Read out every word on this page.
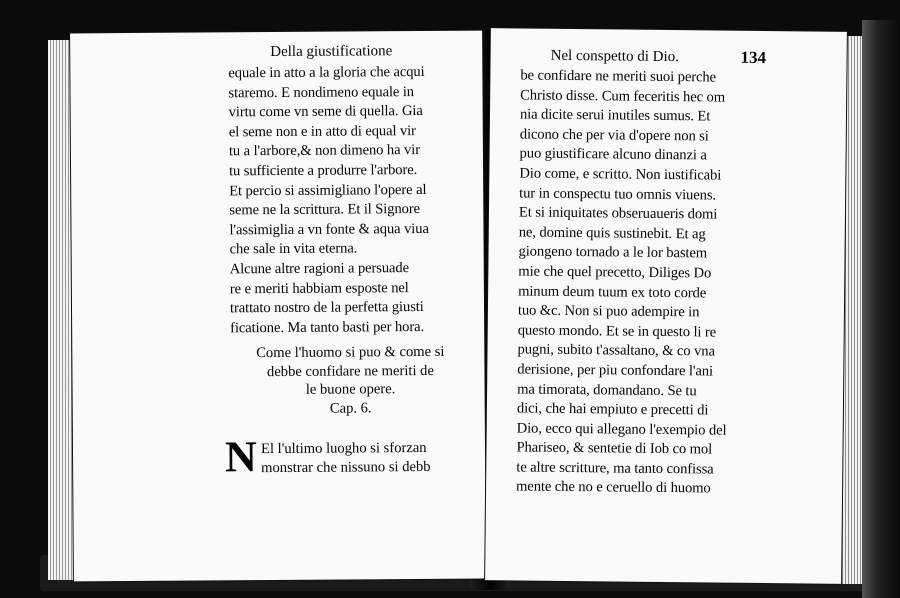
Della giustificatione
equale in atto a la gloria che acqui
staremo. E nondimeno equale in
virtu come vn seme di quella. Gia
el seme non e in atto di equal vir
tu a l'arbore,& non dimeno ha vir
tu sufficiente a produrre l'arbore.
Et percio si assimigliano l'opere al
seme ne la scrittura. Et il Signore
l'assimiglia a vn fonte & aqua viua
che sale in vita eterna.
Alcune altre ragioni a persuade
re e meriti habbiam esposte nel
trattato nostro de la perfetta giusti
ficatione. Ma tanto basti per hora.
Come l'huomo si puo & come si
debbe confidare ne meriti de
le buone opere.
Cap. 6.
N El l'ultimo luogho si sforzan
monstrar che nissuno si debb
Nel conspetto di Dio.	134
be confidare ne meriti suoi perche
Christo disse. Cum feceritis hec om
nia dicite serui inutiles sumus. Et
dicono che per via d'opere non si
puo giustificare alcuno dinanzi a
Dio come, e scritto. Non iustificabi
tur in conspectu tuo omnis viuens.
Et si iniquitates obseruaueris domi
ne, domine quis sustinebit. Et ag
giongeno tornado a le lor bastem
mie che quel precetto, Diliges Do
minum deum tuum ex toto corde
tuo &c. Non si puo adempire in
questo mondo. Et se in questo li re
pugni, subito t'assaltano, & co vna
derisione, per piu confondare l'ani
ma timorata, domandano. Se tu
dici, che hai empiuto e precetti di
Dio, ecco qui allegano l'exempio del
Phariseo, & sentetie di Iob co mol
te altre scritture, ma tanto confissa
mente che no e ceruello di huomo
